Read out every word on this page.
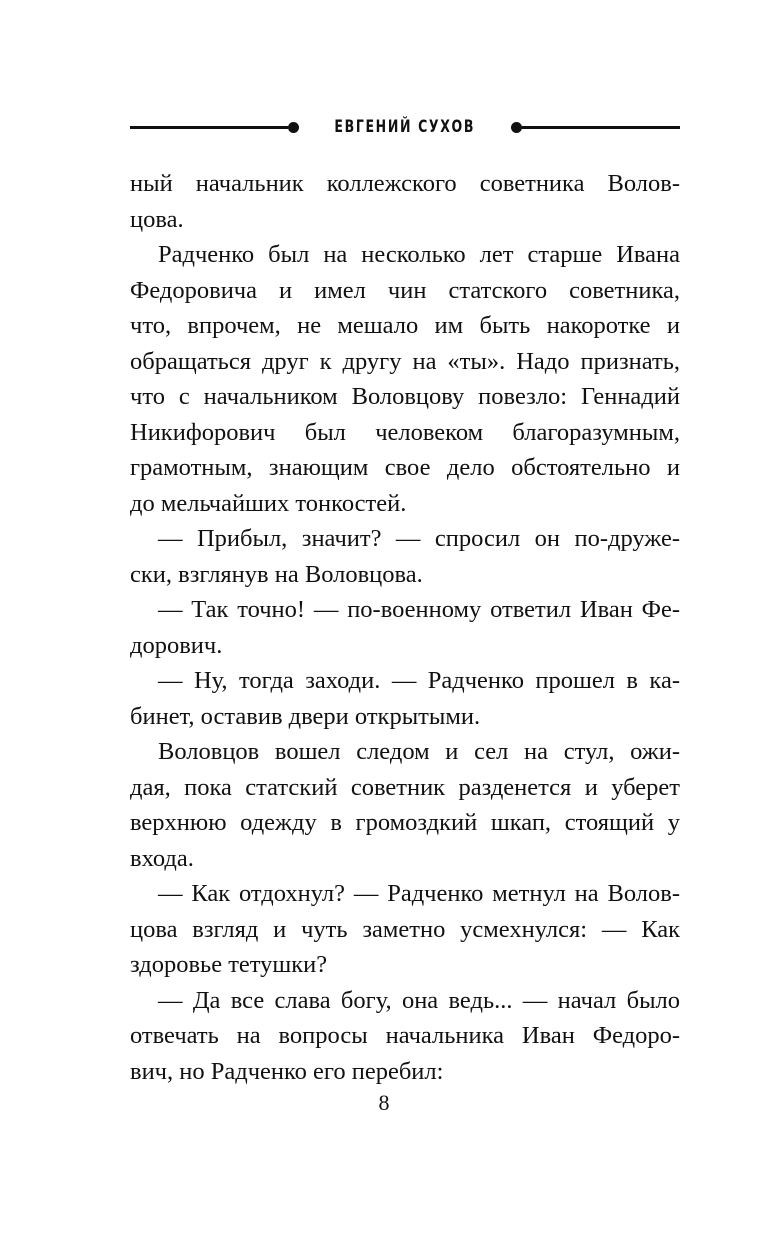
ЕВГЕНИЙ СУХОВ
ный начальник коллежского советника Волов-
цова.
Радченко был на несколько лет старше Ивана
Федоровича и имел чин статского советника,
что, впрочем, не мешало им быть накоротке и
обращаться друг к другу на «ты». Надо признать,
что с начальником Воловцову повезло: Геннадий
Никифорович был человеком благоразумным,
грамотным, знающим свое дело обстоятельно и
до мельчайших тонкостей.
— Прибыл, значит? — спросил он по-друже-
ски, взглянув на Воловцова.
— Так точно! — по-военному ответил Иван Фе-
дорович.
— Ну, тогда заходи. — Радченко прошел в ка-
бинет, оставив двери открытыми.
Воловцов вошел следом и сел на стул, ожи-
дая, пока статский советник разденется и уберет
верхнюю одежду в громоздкий шкап, стоящий у
входа.
— Как отдохнул? — Радченко метнул на Волов-
цова взгляд и чуть заметно усмехнулся: — Как
здоровье тетушки?
— Да все слава богу, она ведь... — начал было
отвечать на вопросы начальника Иван Федоро-
вич, но Радченко его перебил:
8
